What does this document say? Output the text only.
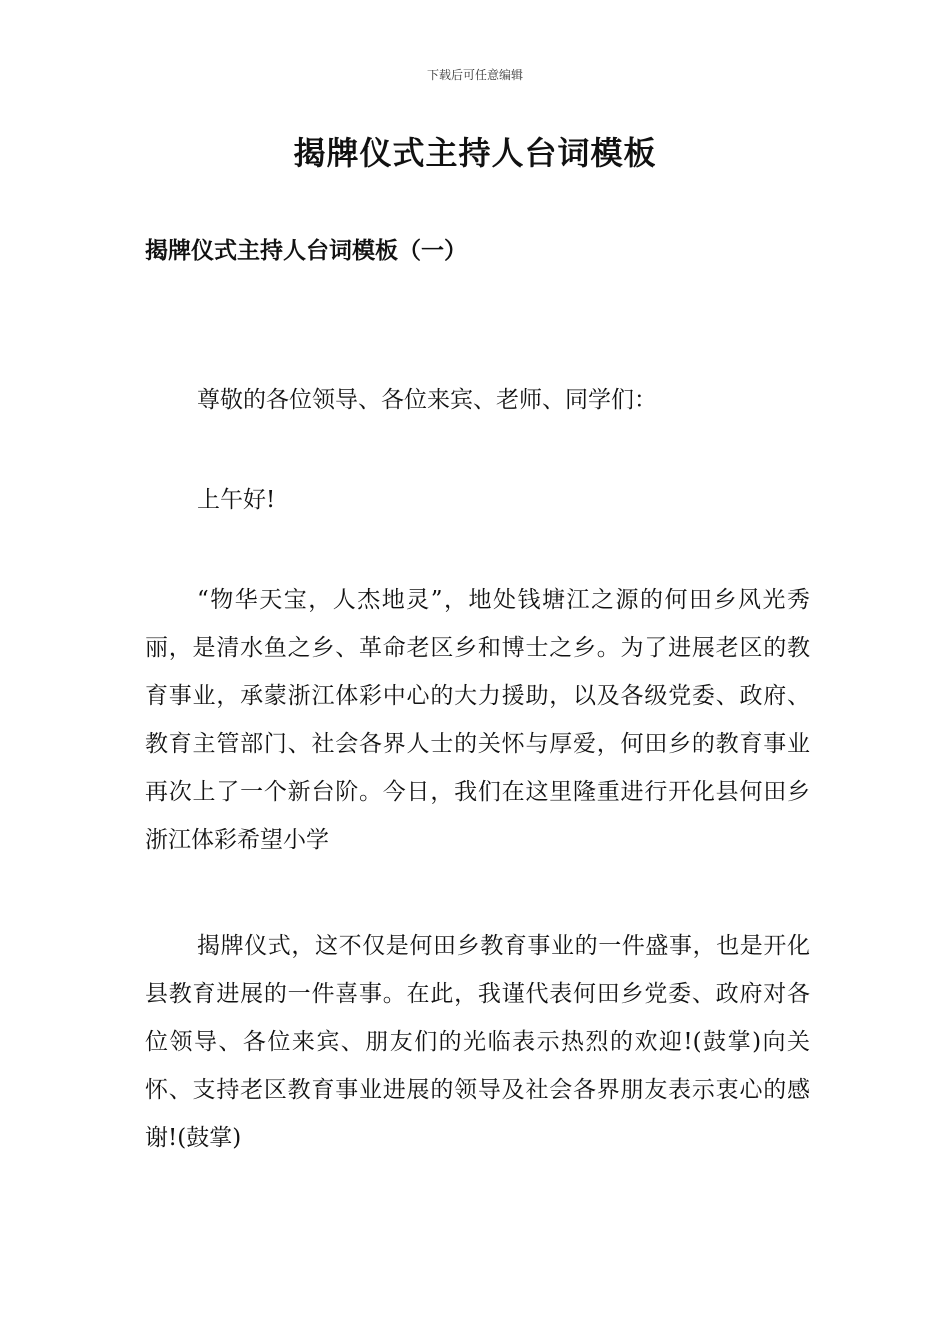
下载后可任意编辑
揭牌仪式主持人台词模板
揭牌仪式主持人台词模板（一）

尊敬的各位领导、各位来宾、老师、同学们：

上午好!

“物华天宝，人杰地灵”，地处钱塘江之源的何田乡风光秀丽，是清水鱼之乡、革命老区乡和博士之乡。为了进展老区的教育事业，承蒙浙江体彩中心的大力援助，以及各级党委、政府、教育主管部门、社会各界人士的关怀与厚爱，何田乡的教育事业再次上了一个新台阶。今日，我们在这里隆重进行开化县何田乡浙江体彩希望小学

揭牌仪式，这不仅是何田乡教育事业的一件盛事，也是开化县教育进展的一件喜事。在此，我谨代表何田乡党委、政府对各位领导、各位来宾、朋友们的光临表示热烈的欢迎!(鼓掌)向关怀、支持老区教育事业进展的领导及社会各界朋友表示衷心的感谢!(鼓掌)
